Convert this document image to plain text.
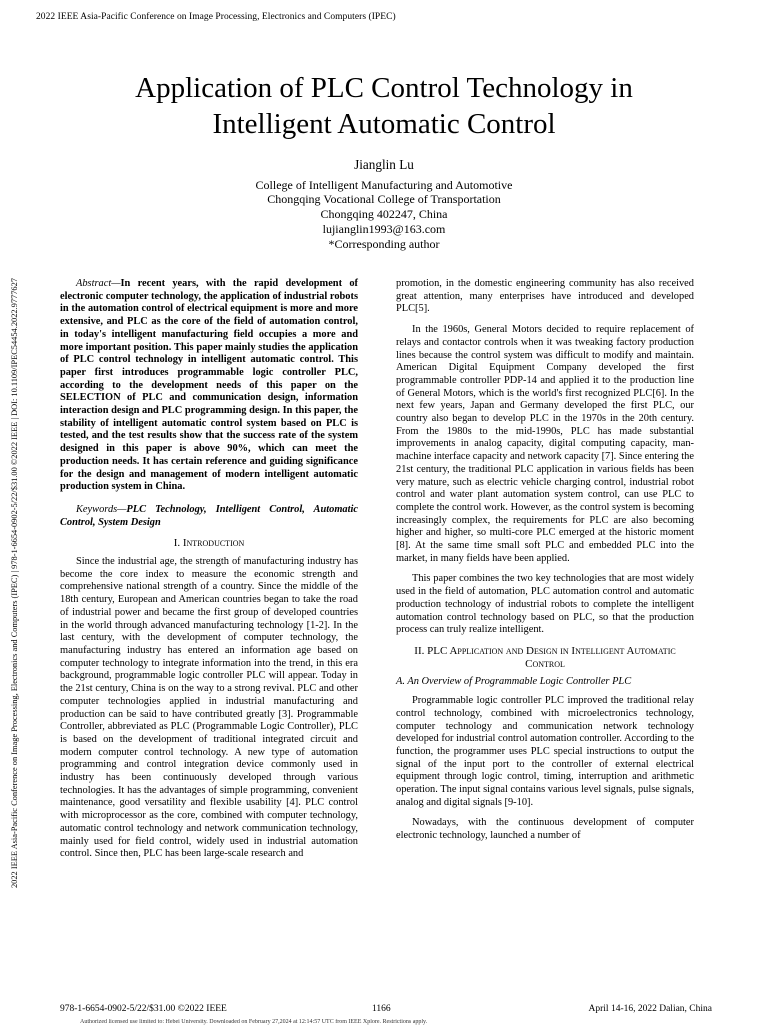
2022 IEEE Asia-Pacific Conference on Image Processing, Electronics and Computers (IPEC)
2022 IEEE Asia-Pacific Conference on Image Processing, Electronics and Computers (IPEC) | 978-1-6654-0902-5/22/$31.00 ©2022 IEEE | DOI: 10.1109/IPEC54454.2022.9777627
Application of PLC Control Technology in Intelligent Automatic Control
Jianglin Lu
College of Intelligent Manufacturing and Automotive
Chongqing Vocational College of Transportation
Chongqing 402247, China
lujianglin1993@163.com
*Corresponding author

Abstract—In recent years, with the rapid development of electronic computer technology, the application of industrial robots in the automation control of electrical equipment is more and more extensive, and PLC as the core of the field of automation control, in today's intelligent manufacturing field occupies a more and more important position. This paper mainly studies the application of PLC control technology in intelligent automatic control. This paper first introduces programmable logic controller PLC, according to the development needs of this paper on the SELECTION of PLC and communication design, information interaction design and PLC programming design. In this paper, the stability of intelligent automatic control system based on PLC is tested, and the test results show that the success rate of the system designed in this paper is above 90%, which can meet the production needs. It has certain reference and guiding significance for the design and management of modern intelligent automatic production system in China.

Keywords—PLC Technology, Intelligent Control, Automatic Control, System Design

I. Introduction

Since the industrial age, the strength of manufacturing industry has become the core index to measure the economic strength and comprehensive national strength of a country. Since the middle of the 18th century, European and American countries began to take the road of industrial power and became the first group of developed countries in the world through advanced manufacturing technology [1-2]. In the last century, with the development of computer technology, the manufacturing industry has entered an information age based on computer technology to integrate information into the trend, in this era background, programmable logic controller PLC will appear. Today in the 21st century, China is on the way to a strong revival. PLC and other computer technologies applied in industrial manufacturing and production can be said to have contributed greatly [3]. Programmable Controller, abbreviated as PLC (Programmable Logic Controller), PLC is based on the development of traditional integrated circuit and modern computer control technology. A new type of automation programming and control integration device commonly used in industry has been continuously developed through various technologies. It has the advantages of simple programming, convenient maintenance, good versatility and flexible usability [4]. PLC control with microprocessor as the core, combined with computer technology, automatic control technology and network communication technology, mainly used for field control, widely used in industrial automation control. Since then, PLC has been large-scale research and

promotion, in the domestic engineering community has also received great attention, many enterprises have introduced and developed PLC[5].

In the 1960s, General Motors decided to require replacement of relays and contactor controls when it was tweaking factory production lines because the control system was difficult to modify and maintain. American Digital Equipment Company developed the first programmable controller PDP-14 and applied it to the production line of General Motors, which is the world's first recognized PLC[6]. In the next few years, Japan and Germany developed the first PLC, our country also began to develop PLC in the 1970s in the 20th century. From the 1980s to the mid-1990s, PLC has made substantial improvements in analog capacity, digital computing capacity, man-machine interface capacity and network capacity [7]. Since entering the 21st century, the traditional PLC application in various fields has been very mature, such as electric vehicle charging control, industrial robot control and water plant automation system control, can use PLC to complete the control work. However, as the control system is becoming increasingly complex, the requirements for PLC are also becoming higher and higher, so multi-core PLC emerged at the historic moment [8]. At the same time small soft PLC and embedded PLC into the market, in many fields have been applied.

This paper combines the two key technologies that are most widely used in the field of automation, PLC automation control and automatic production technology of industrial robots to complete the intelligent automation control technology based on PLC, so that the production process can truly realize intelligent.

II. PLC Application and Design in Intelligent Automatic Control
A. An Overview of Programmable Logic Controller PLC

Programmable logic controller PLC improved the traditional relay control technology, combined with microelectronics technology, computer technology and communication network technology developed for industrial control automation controller. According to the function, the programmer uses PLC special instructions to output the signal of the input port to the controller of external electrical equipment through logic control, timing, interruption and arithmetic operation. The input signal contains various level signals, pulse signals, analog and digital signals [9-10].

Nowadays, with the continuous development of computer electronic technology, launched a number of

978-1-6654-0902-5/22/$31.00 ©2022 IEEE	1166	April 14-16, 2022 Dalian, China
Authorized licensed use limited to: Hebei University. Downloaded on February 27,2024 at 12:14:57 UTC from IEEE Xplore. Restrictions apply.
